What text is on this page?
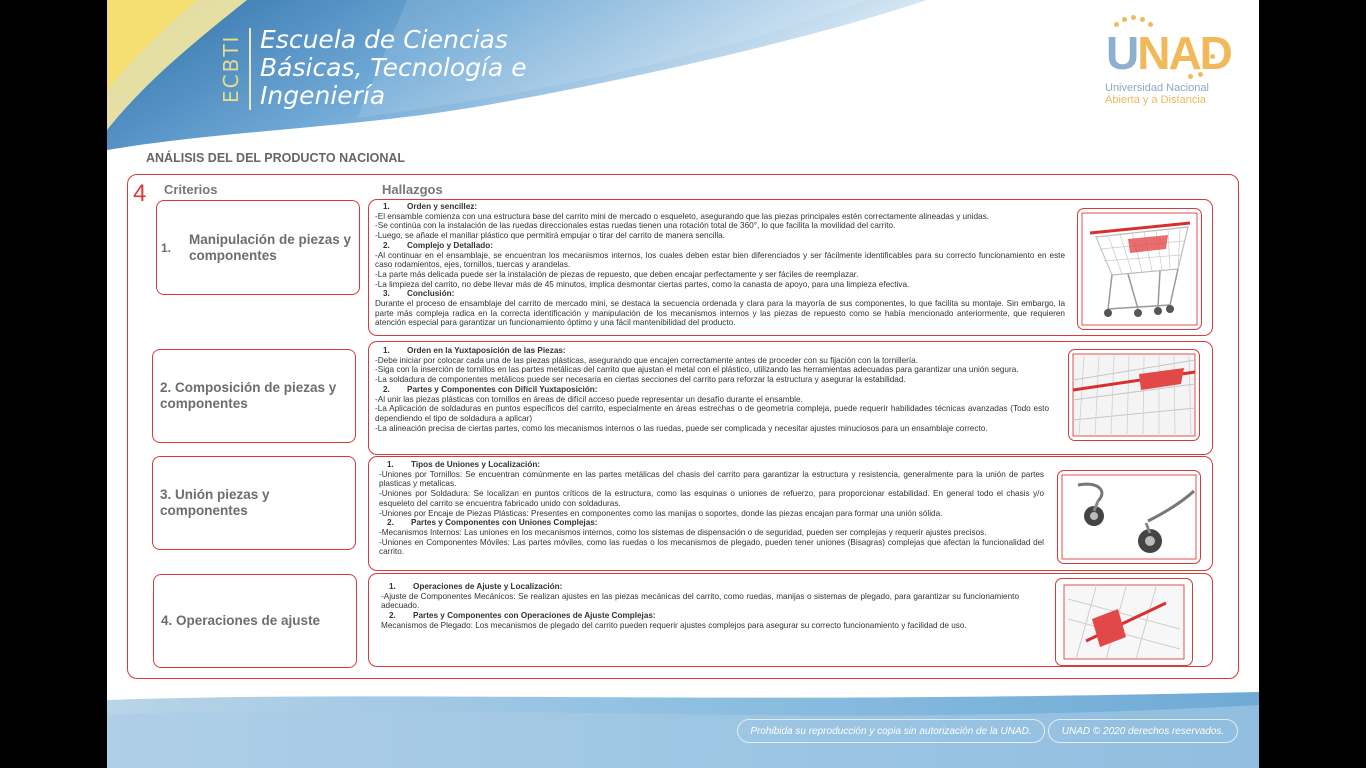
ECBTI Escuela de Ciencias
Básicas, Tecnología e
Ingeniería
UNAD
Universidad Nacional
Abierta y a Distancia
ANÁLISIS DEL DEL PRODUCTO NACIONAL
4 Criterios	Hallazgos
1.
Manipulación de piezas y componentes

1. Orden y sencillez:

-El ensamble comienza con una estructura base del carrito mini de mercado o esqueleto, asegurando que las piezas principales estén correctamente alineadas y unidas.

-Se continúa con la instalación de las ruedas direccionales estas ruedas tienen una rotación total de 360°, lo que facilita la movilidad del carrito.

-Luego, se añade el manillar plástico que permitirá empujar o tirar del carrito de manera sencilla.

2. Complejo y Detallado:

-Al continuar en el ensamblaje, se encuentran los mecanismos internos, los cuales deben estar bien diferenciados y ser fácilmente identificables para su correcto funcionamiento en este caso rodamientos, ejes, tornillos, tuercas y arandelas.

-La parte más delicada puede ser la instalación de piezas de repuesto, que deben encajar perfectamente y ser fáciles de reemplazar.

-La limpieza del carrito, no debe llevar más de 45 minutos, implica desmontar ciertas partes, como la canasta de apoyo, para una limpieza efectiva.

3. Conclusión:

Durante el proceso de ensamblaje del carrito de mercado mini, se destaca la secuencia ordenada y clara para la mayoría de sus componentes, lo que facilita su montaje. Sin embargo, la parte más compleja radica en la correcta identificación y manipulación de los mecanismos internos y las piezas de repuesto como se había mencionado anteriormente, que requieren atención especial para garantizar un funcionamiento óptimo y una fácil mantenibilidad del producto.

2. Composición de piezas y componentes

1. Orden en la Yuxtaposición de las Piezas:

-Debe iniciar por colocar cada una de las piezas plásticas, asegurando que encajen correctamente antes de proceder con su fijación con la tornillería.

-Siga con la inserción de tornillos en las partes metálicas del carrito que ajustan el metal con el plástico, utilizando las herramientas adecuadas para garantizar una unión segura.

-La soldadura de componentes metálicos puede ser necesaria en ciertas secciones del carrito para reforzar la estructura y asegurar la estabilidad.

2. Partes y Componentes con Difícil Yuxtaposición:

-Al unir las piezas plásticas con tornillos en áreas de difícil acceso puede representar un desafío durante el ensamble.

-La Aplicación de soldaduras en puntos específicos del carrito, especialmente en áreas estrechas o de geometría compleja, puede requerir habilidades técnicas avanzadas (Todo esto dependiendo el tipo de soldadura a aplicar)

-La alineación precisa de ciertas partes, como los mecanismos internos o las ruedas, puede ser complicada y necesitar ajustes minuciosos para un ensamblaje correcto.

3. Unión piezas y componentes

1. Tipos de Uniones y Localización:

-Uniones por Tornillos: Se encuentran comúnmente en las partes metálicas del chasis del carrito para garantizar la estructura y resistencia, generalmente para la unión de partes plasticas y metalicas.

-Uniones por Soldadura: Se localizan en puntos críticos de la estructura, como las esquinas o uniones de refuerzo, para proporcionar estabilidad. En general todo el chasis y/o esqueleto del carrito se encuentra fabricado unido con soldaduras.

-Uniones por Encaje de Piezas Plásticas: Presentes en componentes como las manijas o soportes, donde las piezas encajan para formar una unión sólida.

2. Partes y Componentes con Uniones Complejas:

-Mecanismos Internos: Las uniones en los mecanismos internos, como los sistemas de dispensación o de seguridad, pueden ser complejas y requerir ajustes precisos.

-Uniones en Componentes Móviles: Las partes móviles, como las ruedas o los mecanismos de plegado, pueden tener uniones (Bisagras) complejas que afectan la funcionalidad del carrito.

4. Operaciones de ajuste

1. Operaciones de Ajuste y Localización:

-Ajuste de Componentes Mecánicos: Se realizan ajustes en las piezas mecánicas del carrito, como ruedas, manijas o sistemas de plegado, para garantizar su funcionamiento adecuado.

2. Partes y Componentes con Operaciones de Ajuste Complejas:

Mecanismos de Plegado: Los mecanismos de plegado del carrito pueden requerir ajustes complejos para asegurar su correcto funcionamiento y facilidad de uso.

Prohibida su reproducción y copia sin autorización de la UNAD.	UNAD © 2020 derechos reservados.
